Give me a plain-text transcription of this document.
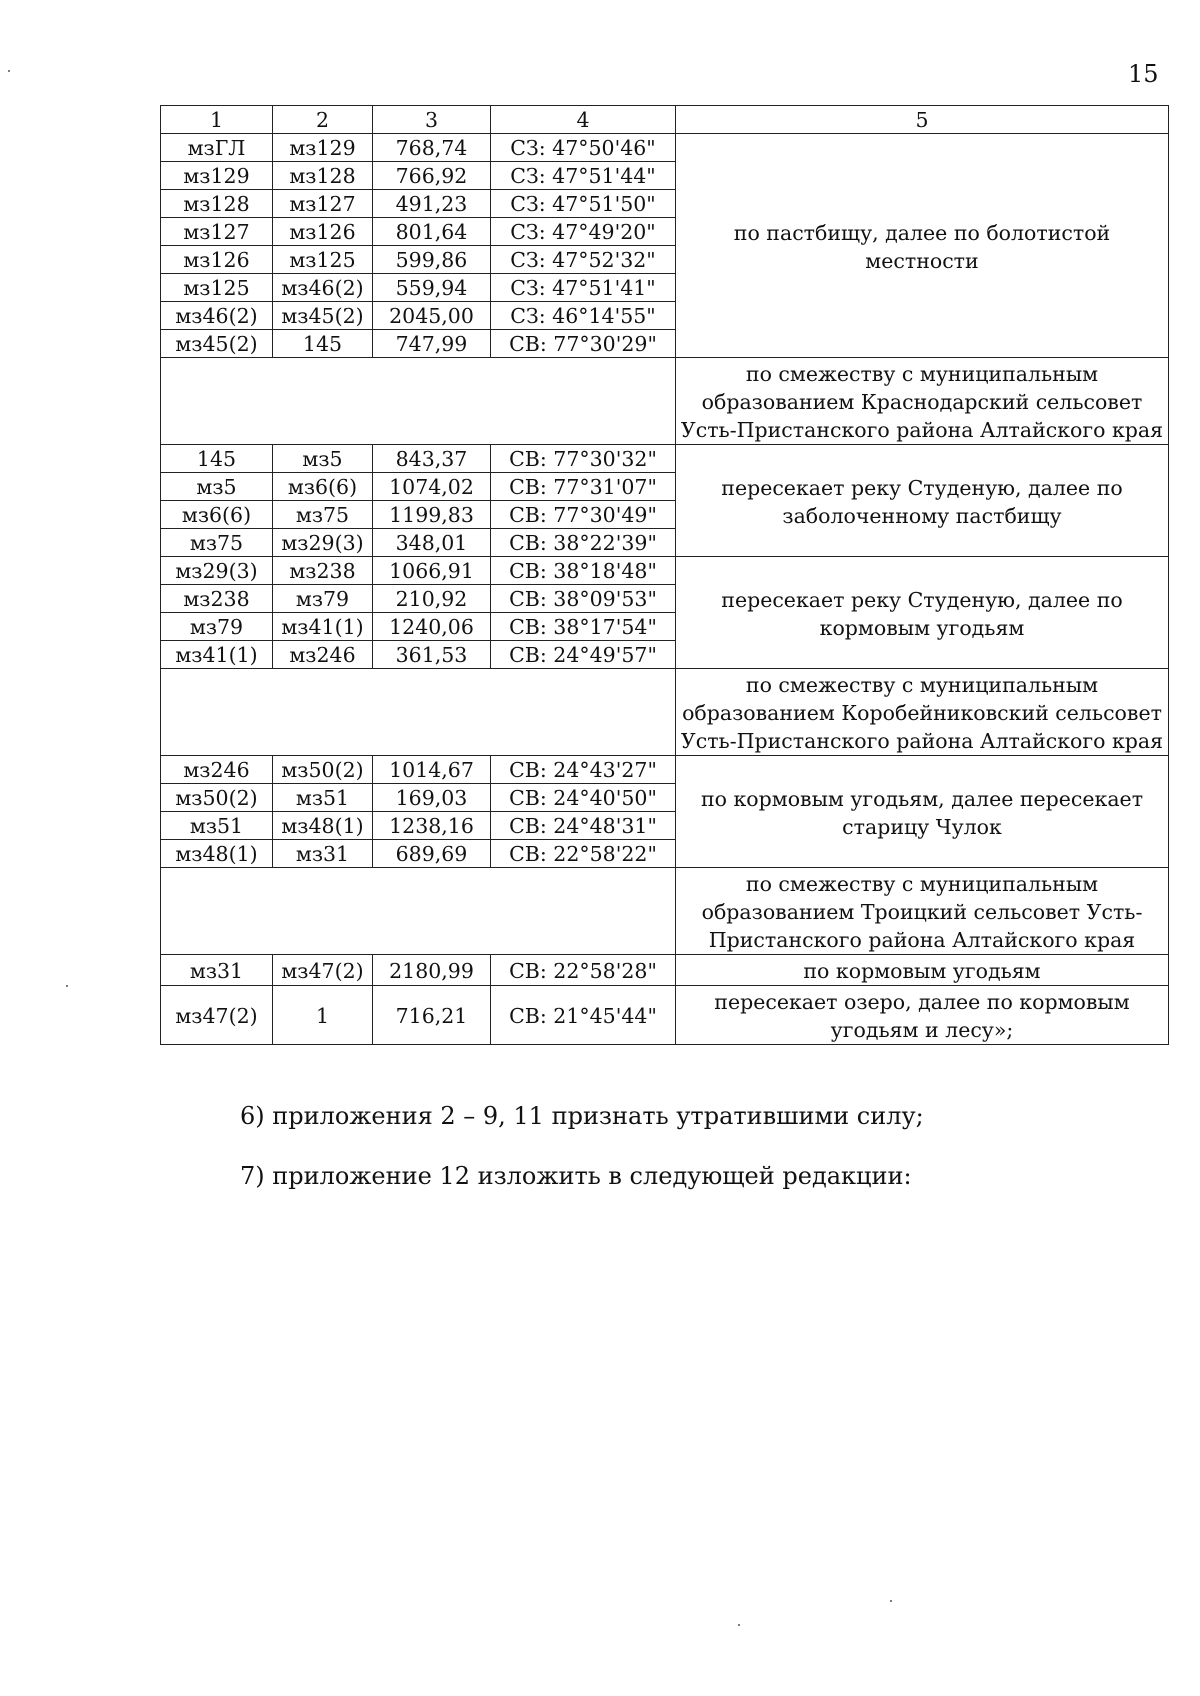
15
1	2	3	4	5
мзГЛ	мз129	768,74	СЗ: 47°50'46"	по пастбищу, далее по болотистой местности
мз129	мз128	766,92	СЗ: 47°51'44"	
мз128	мз127	491,23	СЗ: 47°51'50"	
мз127	мз126	801,64	СЗ: 47°49'20"	
мз126	мз125	599,86	СЗ: 47°52'32"	
мз125	мз46(2)	559,94	СЗ: 47°51'41"	
мз46(2)	мз45(2)	2045,00	СЗ: 46°14'55"	
мз45(2)	145	747,99	СВ: 77°30'29"	
				по смежеству с муниципальным образованием Краснодарский сельсовет Усть-Пристанского района Алтайского края
145	мз5	843,37	СВ: 77°30'32"	пересекает реку Студеную, далее по заболоченному пастбищу
мз5	мз6(6)	1074,02	СВ: 77°31'07"	
мз6(6)	мз75	1199,83	СВ: 77°30'49"	
мз75	мз29(3)	348,01	СВ: 38°22'39"	
мз29(3)	мз238	1066,91	СВ: 38°18'48"	пересекает реку Студеную, далее по кормовым угодьям
мз238	мз79	210,92	СВ: 38°09'53"	
мз79	мз41(1)	1240,06	СВ: 38°17'54"	
мз41(1)	мз246	361,53	СВ: 24°49'57"	
				по смежеству с муниципальным образованием Коробейниковский сельсовет Усть-Пристанского района Алтайского края
мз246	мз50(2)	1014,67	СВ: 24°43'27"	по кормовым угодьям, далее пересекает старицу Чулок
мз50(2)	мз51	169,03	СВ: 24°40'50"	
мз51	мз48(1)	1238,16	СВ: 24°48'31"	
мз48(1)	мз31	689,69	СВ: 22°58'22"	
				по смежеству с муниципальным образованием Троицкий сельсовет Усть-Пристанского района Алтайского края
мз31	мз47(2)	2180,99	СВ: 22°58'28"	по кормовым угодьям
мз47(2)	1	716,21	СВ: 21°45'44"	пересекает озеро, далее по кормовым угодьям и лесу»;
6) приложения 2 – 9, 11 признать утратившими силу;
7) приложение 12 изложить в следующей редакции:
